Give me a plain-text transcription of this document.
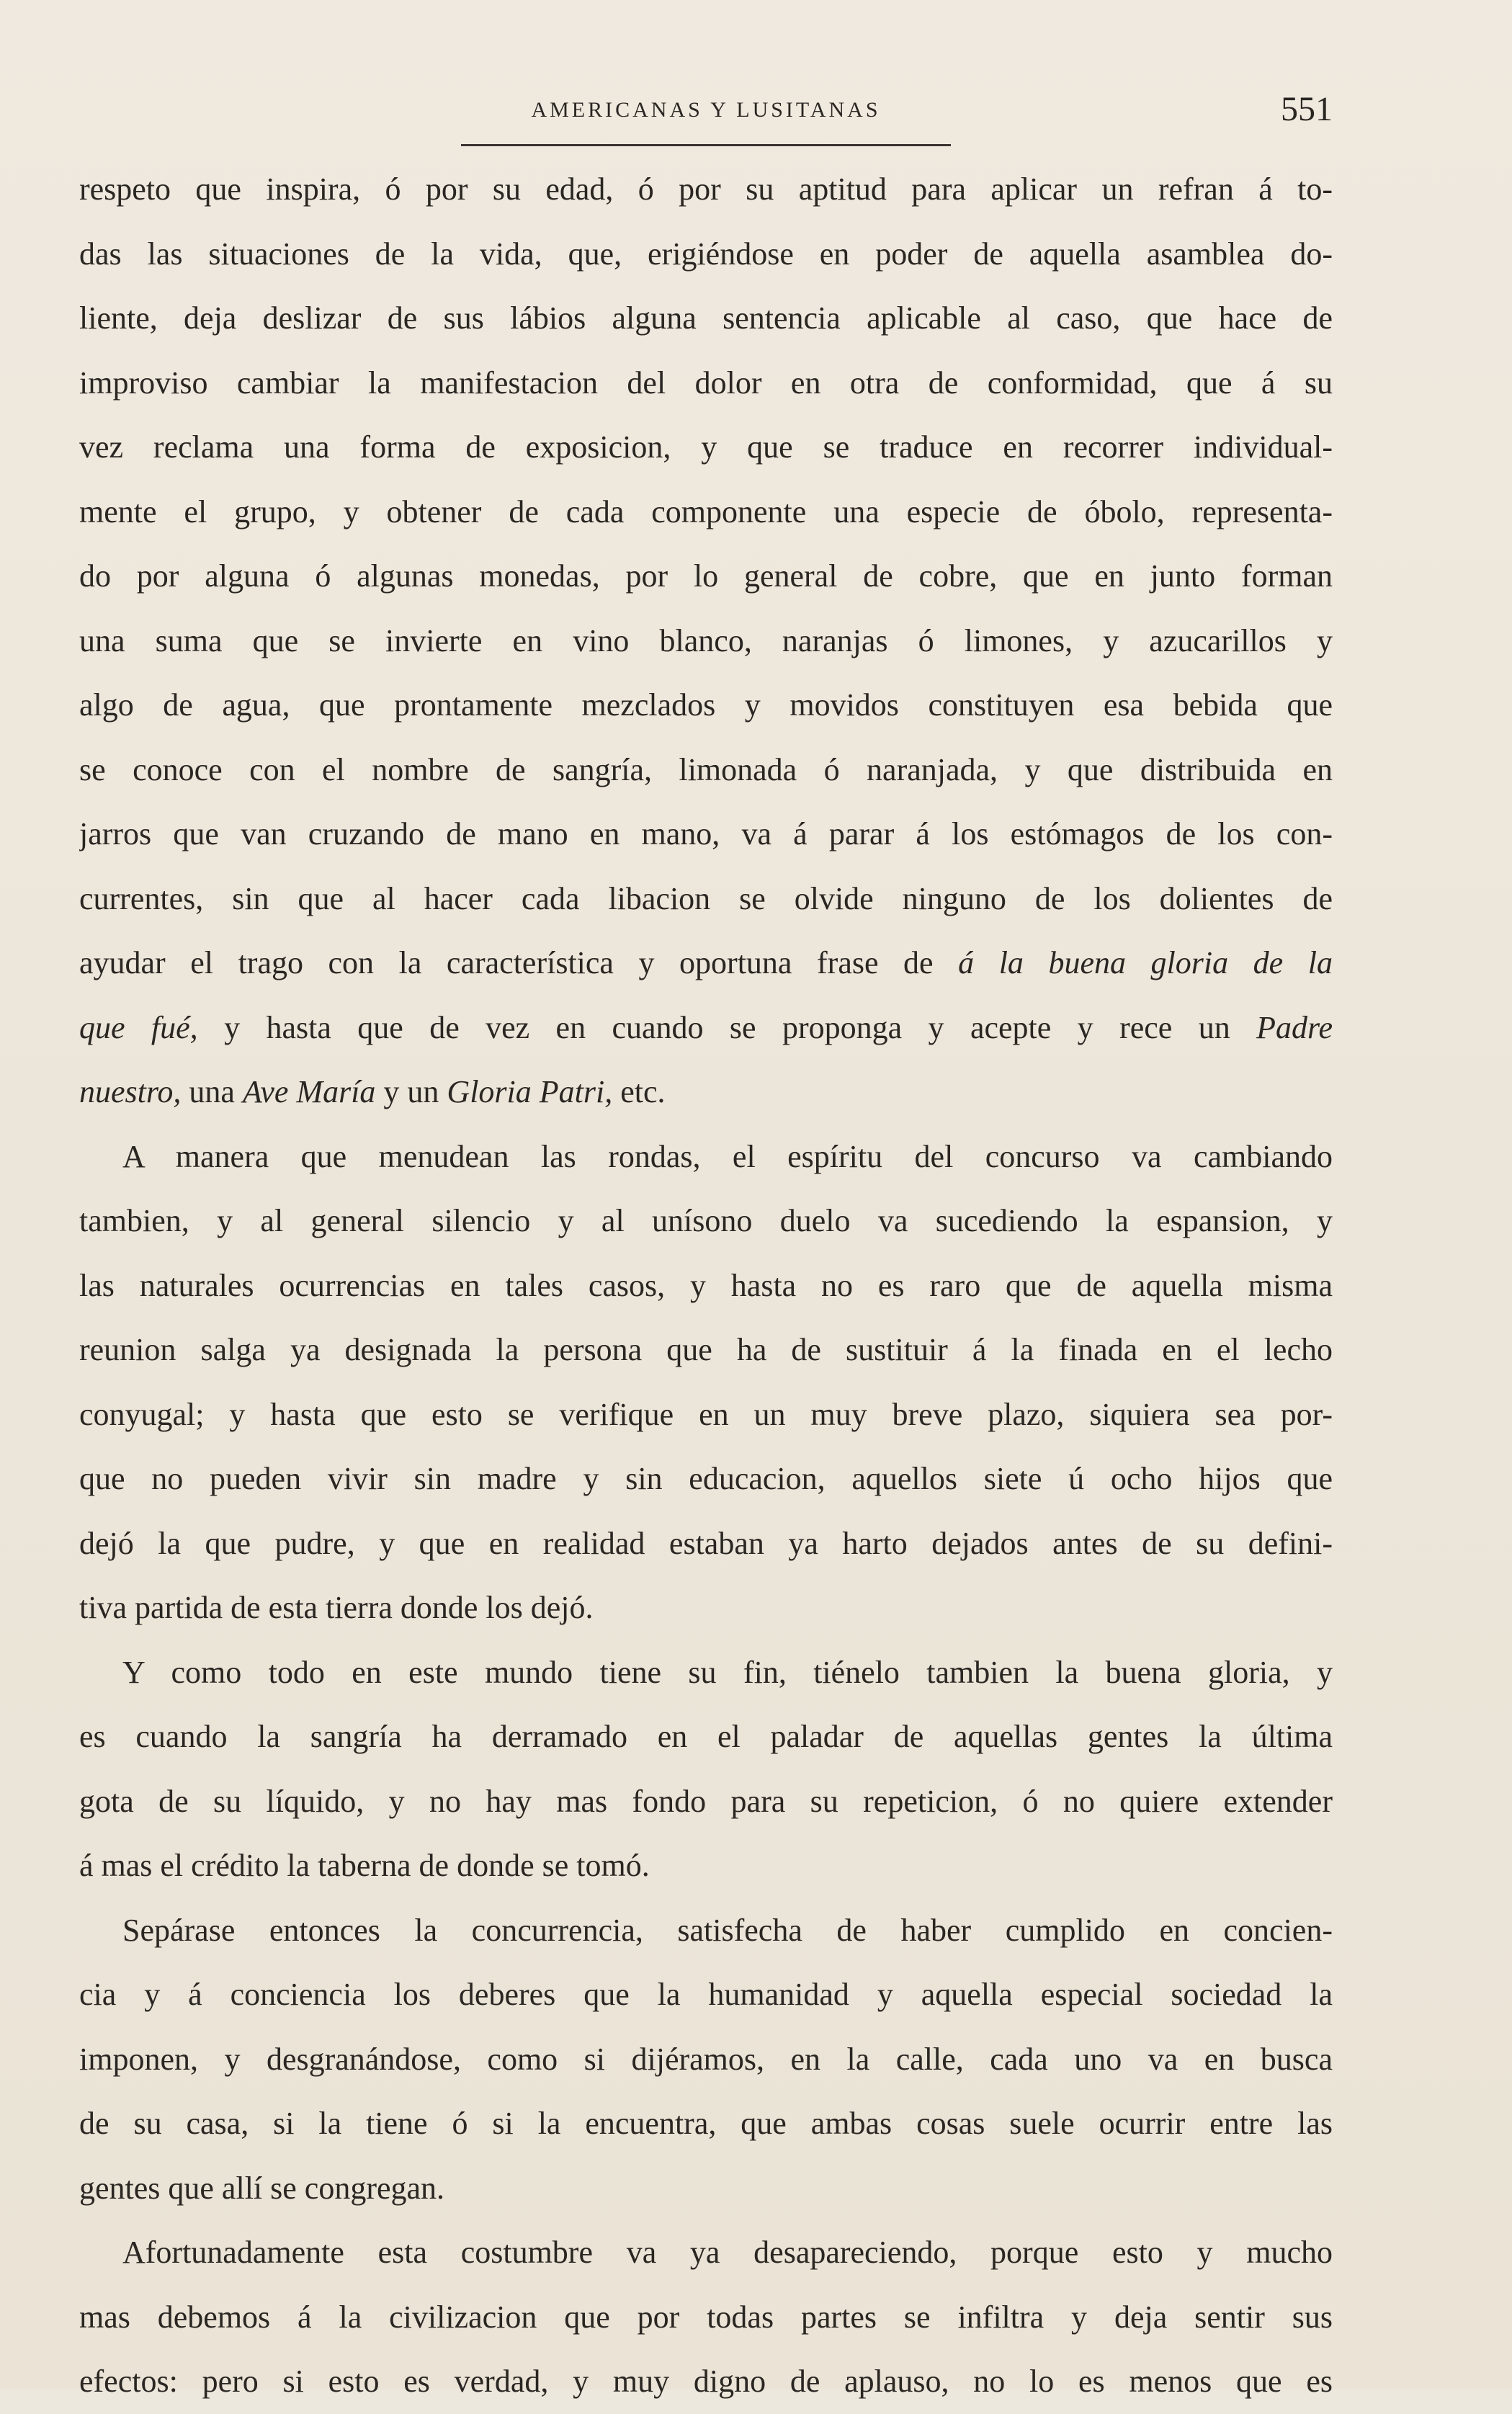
AMERICANAS Y LUSITANAS	551
respeto que inspira, ó por su edad, ó por su aptitud para aplicar un refran á to-
das las situaciones de la vida, que, erigiéndose en poder de aquella asamblea do-
liente, deja deslizar de sus lábios alguna sentencia aplicable al caso, que hace de
improviso cambiar la manifestacion del dolor en otra de conformidad, que á su
vez reclama una forma de exposicion, y que se traduce en recorrer individual-
mente el grupo, y obtener de cada componente una especie de óbolo, representa-
do por alguna ó algunas monedas, por lo general de cobre, que en junto forman
una suma que se invierte en vino blanco, naranjas ó limones, y azucarillos y
algo de agua, que prontamente mezclados y movidos constituyen esa bebida que
se conoce con el nombre de sangría, limonada ó naranjada, y que distribuida en
jarros que van cruzando de mano en mano, va á parar á los estómagos de los con-
currentes, sin que al hacer cada libacion se olvide ninguno de los dolientes de
ayudar el trago con la característica y oportuna frase de á la buena gloria de la
que fué, y hasta que de vez en cuando se proponga y acepte y rece un Padre
nuestro, una Ave María y un Gloria Patri, etc.
A manera que menudean las rondas, el espíritu del concurso va cambiando
tambien, y al general silencio y al unísono duelo va sucediendo la espansion, y
las naturales ocurrencias en tales casos, y hasta no es raro que de aquella misma
reunion salga ya designada la persona que ha de sustituir á la finada en el lecho
conyugal; y hasta que esto se verifique en un muy breve plazo, siquiera sea por-
que no pueden vivir sin madre y sin educacion, aquellos siete ú ocho hijos que
dejó la que pudre, y que en realidad estaban ya harto dejados antes de su defini-
tiva partida de esta tierra donde los dejó.
Y como todo en este mundo tiene su fin, tiénelo tambien la buena gloria, y
es cuando la sangría ha derramado en el paladar de aquellas gentes la última
gota de su líquido, y no hay mas fondo para su repeticion, ó no quiere extender
á mas el crédito la taberna de donde se tomó.
Sepárase entonces la concurrencia, satisfecha de haber cumplido en concien-
cia y á conciencia los deberes que la humanidad y aquella especial sociedad la
imponen, y desgranándose, como si dijéramos, en la calle, cada uno va en busca
de su casa, si la tiene ó si la encuentra, que ambas cosas suele ocurrir entre las
gentes que allí se congregan.
Afortunadamente esta costumbre va ya desapareciendo, porque esto y mucho
mas debemos á la civilizacion que por todas partes se infiltra y deja sentir sus
efectos: pero si esto es verdad, y muy digno de aplauso, no lo es menos que es
